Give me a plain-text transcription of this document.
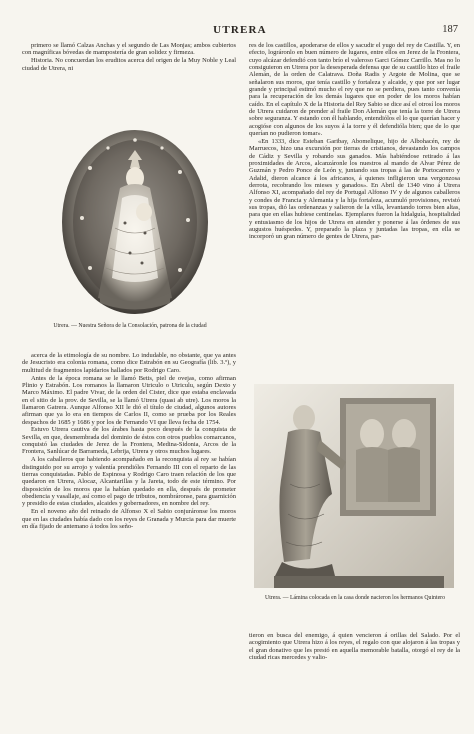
UTRERA	187

primero se llamó Calzas Anchas y el segundo de Las Monjas; ambos cubiertos con magníficas bóvedas de mampostería de gran solidez y firmeza.

Historia. No concuerdan los eruditos acerca del origen de la Muy Noble y Leal ciudad de Utrera, ni

Utrera. — Nuestra Señora de la Consolación, patrona de la ciudad

acerca de la etimología de su nombre. Lo indudable, no obstante, que ya antes de Jesucristo era colonia romana, como dice Estrabón en su Geografía (lib. 3.º), y multitud de fragmentos lapidarios hallados por Rodrigo Caro.

Antes de la época romana se le llamó Betis, piel de ovejas, como afirman Plinio y Estrabón. Los romanos la llamaron Utriculo o Utriculu, según Dexto y Marco Máximo. El padre Vivar, de la orden del Cister, dice que estaba enclavada en el sitio de la prov. de Sevilla, se la llamó Utrera (quasi ab utre). Los moros la llamaron Gatrera. Aunque Alfonso XII le dió el título de ciudad, algunos autores afirman que ya lo era en tiempos de Carlos II, como se prueba por los Reales despachos de 1685 y 1686 y por los de Fernando VI que lleva fecha de 1754.

Estuvo Utrera cautiva de los árabes hasta poco después de la conquista de Sevilla, en que, desmembrada del dominio de éstos con otros pueblos comarcanos, conquistó las ciudades de Jerez de la Frontera, Medina-Sidonia, Arcos de la Frontera, Sanlúcar de Barrameda, Lebrija, Utrera y otros muchos lugares.

A los caballeros que habiendo acompañado en la reconquista al rey se habían distinguido por su arrojo y valentía prendióles Fernando III con el reparto de las tierras conquistadas. Pablo de Espinosa y Rodrigo Caro traen relación de los que quedaron en Utrera, Alocaz, Alcantarillas y la Jareta, todo de este término. Por disposición de los moros que la habían quedado en ella, después de prometer obediencia y vasallaje, así como el pago de tributos, nombráronse, para guarnición y presidio de estas ciudades, alcaides y gobernadores, en nombre del rey.

En el noveno año del reinado de Alfonso X el Sabio conjuráronse los moros que en las ciudades había dado con los reyes de Granada y Murcia para dar muerte en día fijado de antemano á todos los seño-

res de los castillos, apoderarse de ellos y sacudir el yugo del rey de Castilla. Y, en efecto, lográronlo en buen número de lugares, entre ellos en Jerez de la Frontera, cuyo alcázar defendió con tanto brío el valeroso Garci Gómez Carrillo. Mas no lo consiguieron en Utrera por la desesperada defensa que de su castillo hizo el fraile Alemán, de la orden de Calatrava. Doña Radis y Argote de Molina, que se señalaron sus moros, que tenía castillo y fortaleza y alcaide, y que por ser lugar grande y principal estimó mucho el rey que no se perdiera, pues tanto convenía para la recuperación de los demás lugares que en poder de los moros habían caído. En el capítulo X de la Historia del Rey Sabio se dice así el otrosí los moros de Utrera cuidaron de prender al fraile Don Alemán que tenía la torre de Utrera sobre seguranza. Y estando con él hablando, entendiólos el lo que querían hacer y acogióse con algunos de los suyos á la torre y él defendióla bien; que de lo que querían no pudieron tomar».

«En 1333, dice Esteban Garibay, Abomelique, hijo de Albohacén, rey de Marruecos, hizo una excursión por tierras de cristianos, devastando los campos de Cádiz y Sevilla y robando sus ganados. Más habiéndose retirado á las proximidades de Arcos, alcanzáronle los nuestros al mando de Alvar Pérez de Guzmán y Pedro Ponce de León y, juntando sus tropas á las de Portocarrero y Adalid, dieron alcance á los africanos, á quienes infligieron una vergonzosa derrota, recobrando los mieses y ganados». En Abril de 1340 vino á Utrera Alfonso XI, acompañado del rey de Portugal Alfonso IV y de algunos caballeros y condes de Francia y Alemania y la hija fortaleza, acumuló provisiones, revistó sus tropas, dió las ordenanzas y salieron de la villa, levantando torres bien altas, para que en ellas hubiese centinelas. Ejemplares fueron la hidalguía, hospitalidad y entusiasmo de los hijos de Utrera en atender y ponerse á las órdenes de sus augustos huéspedes. Y, preparado la plaza y juntadas las tropas, en ella se incorporó un gran número de gentes de Utrera, par-

Utrera. — Lámina colocada en la casa donde nacieron los hermanos Quintero

tieron en busca del enemigo, á quien vencieron á orillas del Salado. Por el acogimiento que Utrera hizo á los reyes, el regalo con que alojaron á las tropas y el gran donativo que les prestó en aquella memorable batalla, otorgó el rey de la ciudad ricas mercedes y valio-
